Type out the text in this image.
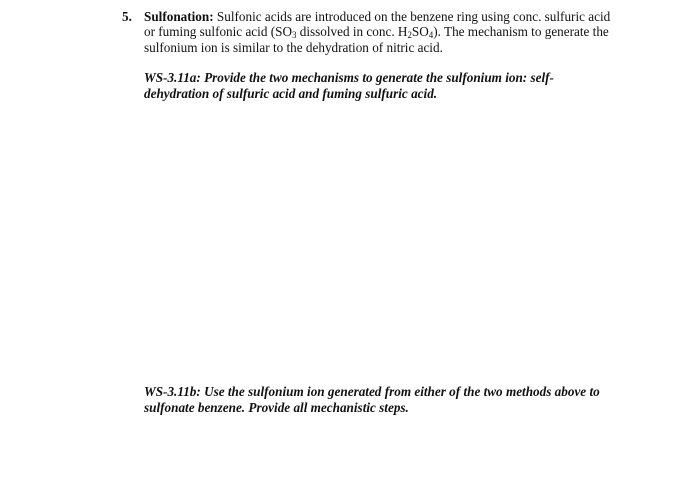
5. Sulfonation: Sulfonic acids are introduced on the benzene ring using conc. sulfuric acid
or fuming sulfonic acid ($SO_3$ dissolved in conc. $H_2SO_4$). The mechanism to generate the
sulfonium ion is similar to the dehydration of nitric acid.
WS-3.11a: Provide the two mechanisms to generate the sulfonium ion: self-
dehydration of sulfuric acid and fuming sulfuric acid.
WS-3.11b: Use the sulfonium ion generated from either of the two methods above to
sulfonate benzene. Provide all mechanistic steps.
